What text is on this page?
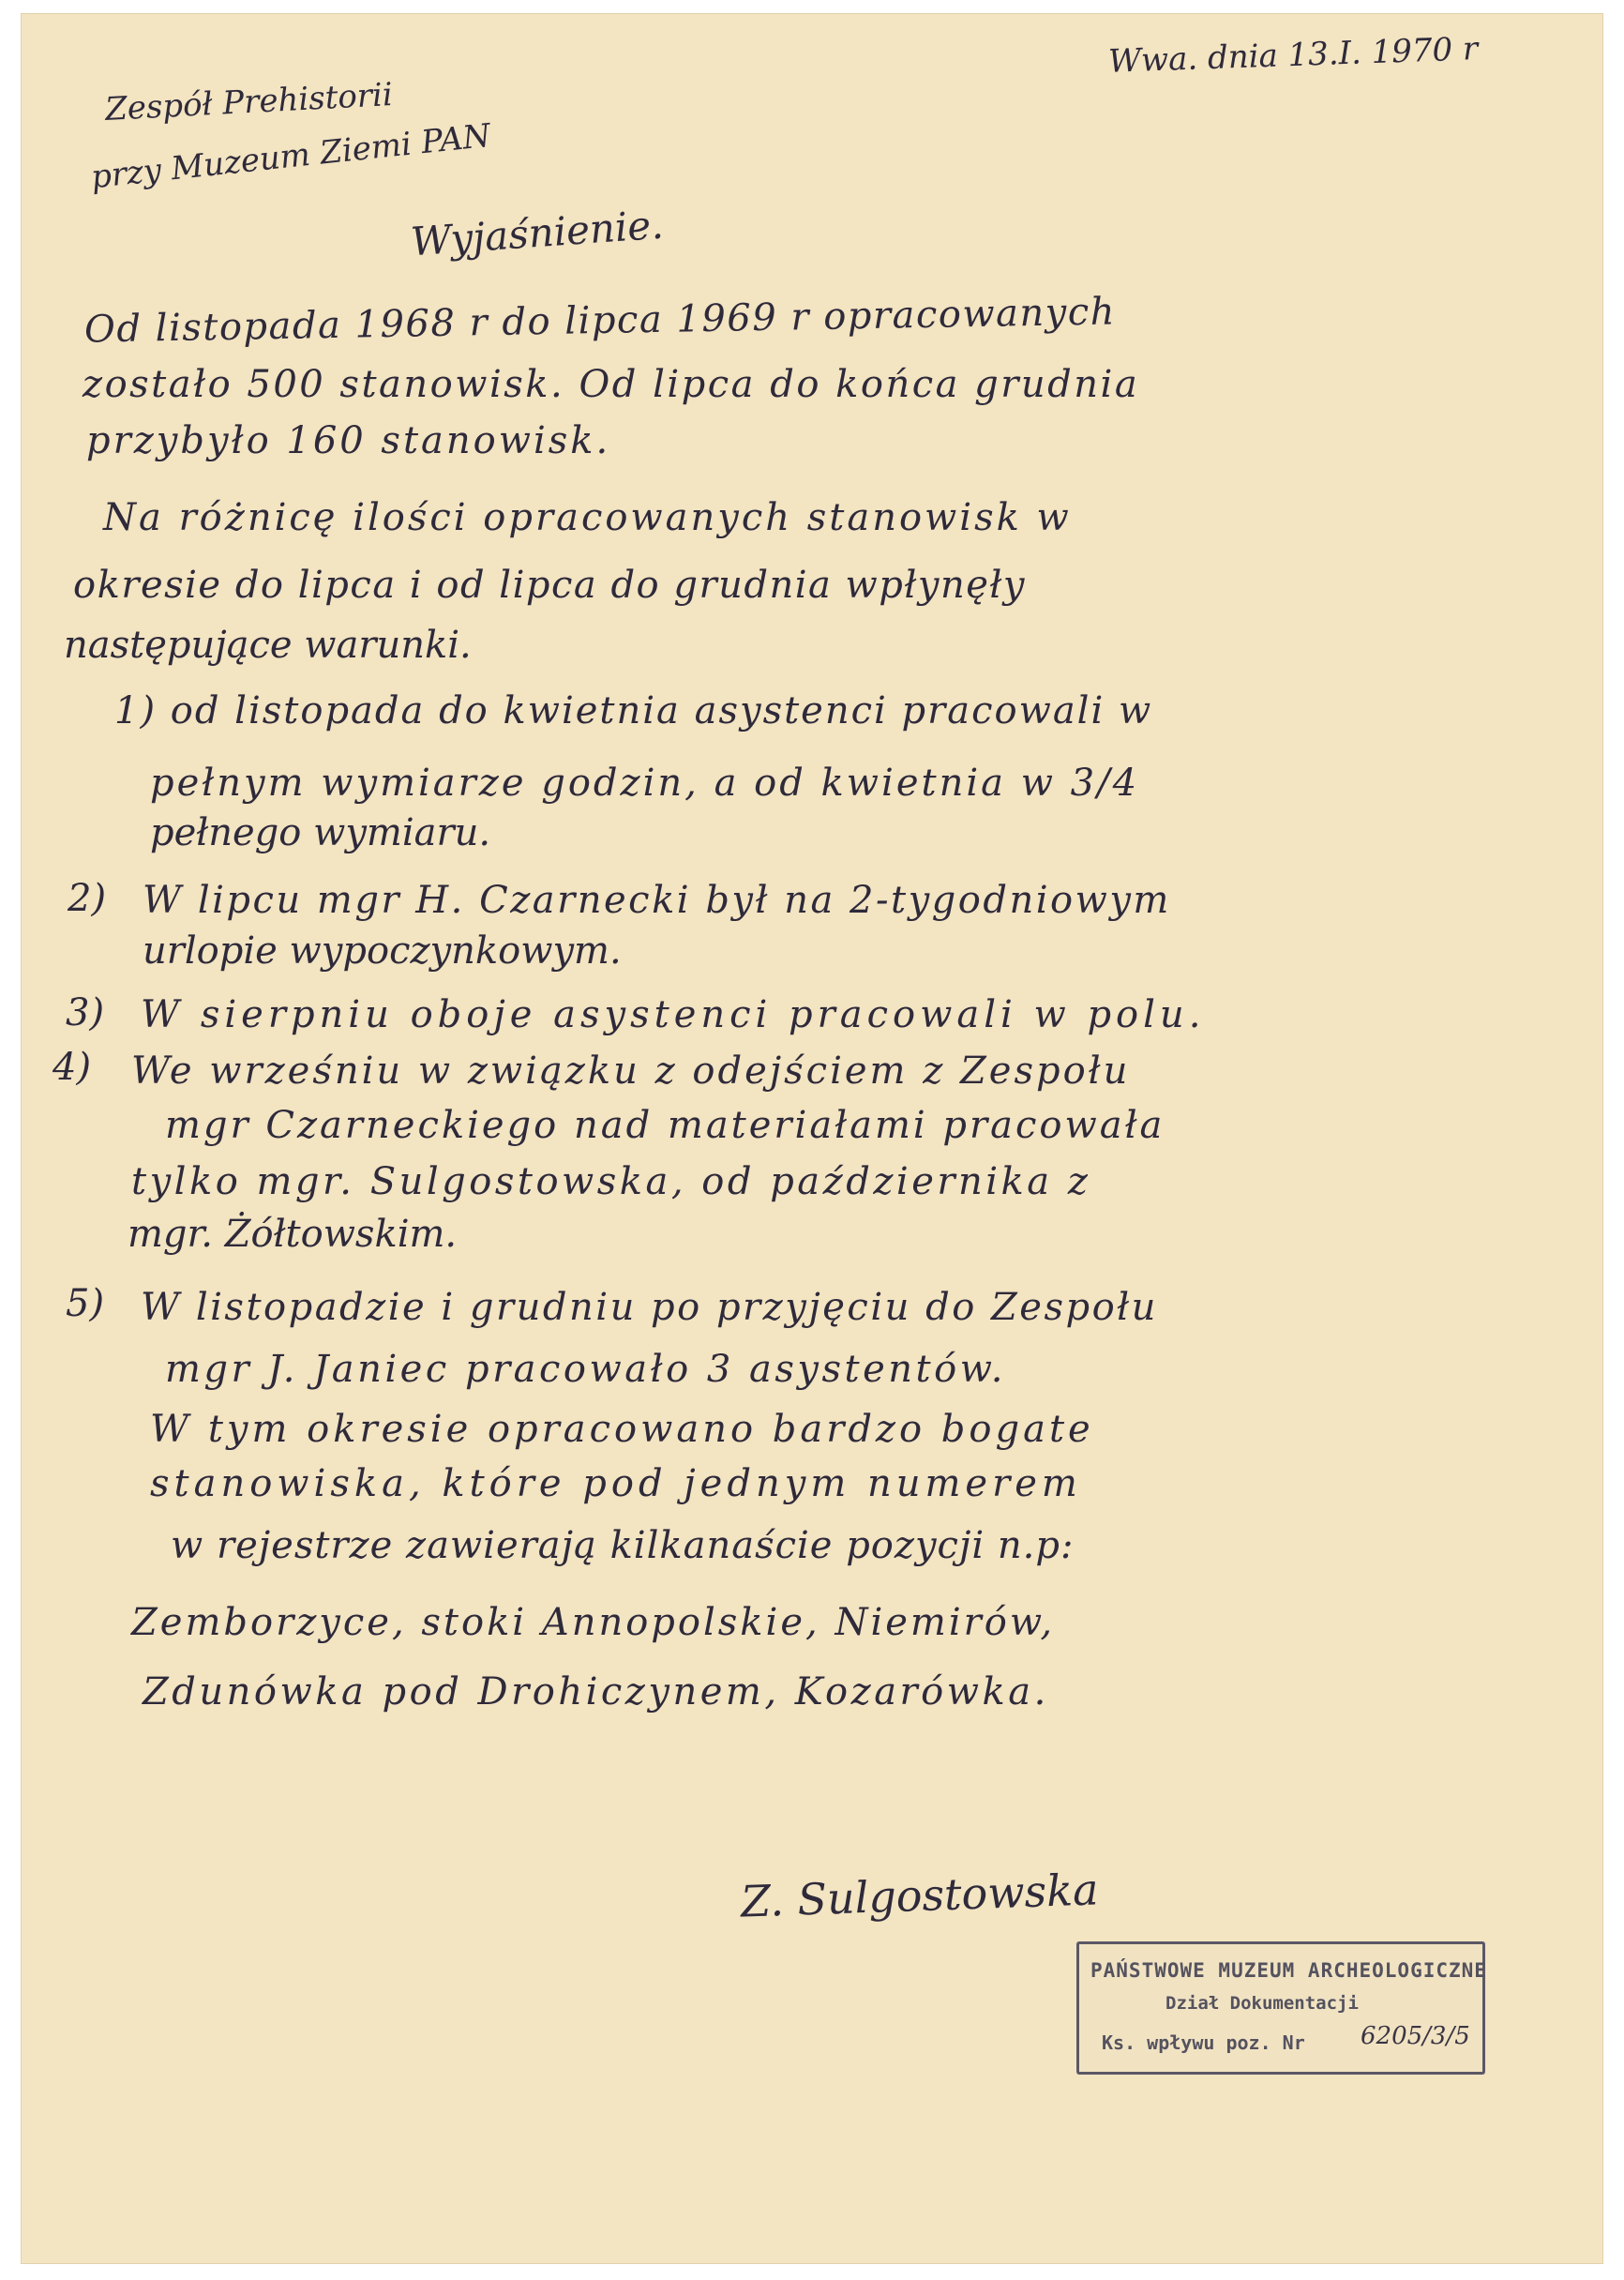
Wwa. dnia 13.I. 1970 r
Zespół Prehistorii
przy Muzeum Ziemi PAN
Wyjaśnienie.
Od listopada 1968 r do lipca 1969 r opracowanych
zostało 500 stanowisk. Od lipca do końca grudnia
przybyło 160 stanowisk.
Na różnicę ilości opracowanych stanowisk w
okresie do lipca i od lipca do grudnia wpłynęły
następujące warunki.
1) od listopada do kwietnia asystenci pracowali w
pełnym wymiarze godzin, a od kwietnia w 3/4
pełnego wymiaru.
2) W lipcu mgr H. Czarnecki był na 2-tygodniowym
urlopie wypoczynkowym.
3) W sierpniu oboje asystenci pracowali w polu.
4) We wrześniu w związku z odejściem z Zespołu
mgr Czarneckiego nad materiałami pracowała
tylko mgr. Sulgostowska, od października z
mgr. Żółtowskim.
5) W listopadzie i grudniu po przyjęciu do Zespołu
mgr J. Janiec pracowało 3 asystentów.
W tym okresie opracowano bardzo bogate
stanowiska, które pod jednym numerem
w rejestrze zawierają kilkanaście pozycji n.p:
Zemborzyce, stoki Annopolskie, Niemirów,
Zdunówka pod Drohiczynem, Kozarówka.
Z. Sulgostowska
PAŃSTWOWE MUZEUM ARCHEOLOGICZNE
Dział Dokumentacji
Ks. wpływu poz. Nr 6205/3/5
